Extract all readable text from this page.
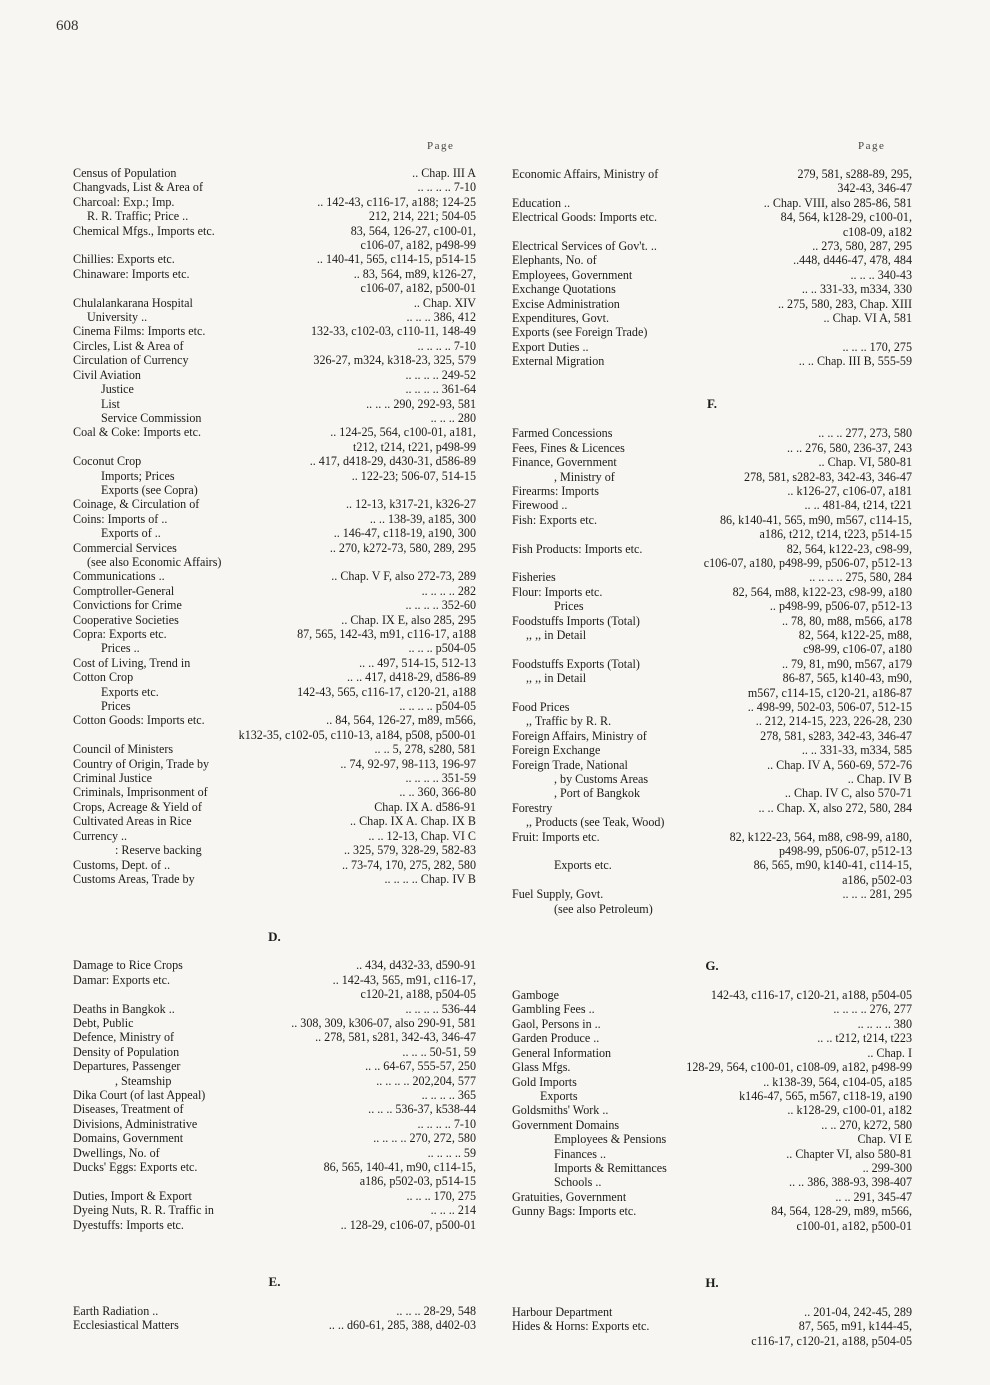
608
Page	Page
Census of Population	.. Chap. III A
Changvads, List & Area of	.. .. .. .. 7-10
Charcoal: Exp.; Imp.	.. 142-43, c116-17, a188; 124-25
R. R. Traffic; Price ..	212, 214, 221; 504-05
Chemical Mfgs., Imports etc.	83, 564, 126-27, c100-01,
c106-07, a182, p498-99
Chillies: Exports etc.	.. 140-41, 565, c114-15, p514-15
Chinaware: Imports etc.	.. 83, 564, m89, k126-27,
c106-07, a182, p500-01
Chulalankarana Hospital	.. Chap. XIV
University ..	.. .. .. 386, 412
Cinema Films: Imports etc.	132-33, c102-03, c110-11, 148-49
Circles, List & Area of	.. .. .. .. 7-10
Circulation of Currency	326-27, m324, k318-23, 325, 579
Civil Aviation	.. .. .. .. 249-52
Justice	.. .. .. .. 361-64
List	.. .. .. 290, 292-93, 581
Service Commission	.. .. .. 280
Coal & Coke: Imports etc.	.. 124-25, 564, c100-01, a181,
t212, t214, t221, p498-99
Coconut Crop	.. 417, d418-29, d430-31, d586-89
Imports; Prices	.. 122-23; 506-07, 514-15
Exports (see Copra)
Coinage, & Circulation of	.. 12-13, k317-21, k326-27
Coins: Imports of ..	.. .. 138-39, a185, 300
Exports of ..	.. 146-47, c118-19, a190, 300
Commercial Services	.. 270, k272-73, 580, 289, 295
(see also Economic Affairs)
Communications ..	.. Chap. V F, also 272-73, 289
Comptroller-General	.. .. .. .. 282
Convictions for Crime	.. .. .. .. 352-60
Cooperative Societies	.. Chap. IX E, also 285, 295
Copra: Exports etc.	87, 565, 142-43, m91, c116-17, a188
Prices ..	.. .. .. p504-05
Cost of Living, Trend in	.. .. 497, 514-15, 512-13
Cotton Crop	.. .. 417, d418-29, d586-89
Exports etc.	142-43, 565, c116-17, c120-21, a188
Prices	.. .. .. .. p504-05
Cotton Goods: Imports etc.	.. 84, 564, 126-27, m89, m566,
k132-35, c102-05, c110-13, a184, p508, p500-01
Council of Ministers	.. .. 5, 278, s280, 581
Country of Origin, Trade by	.. 74, 92-97, 98-113, 196-97
Criminal Justice	.. .. .. .. 351-59
Criminals, Imprisonment of	.. .. 360, 366-80
Crops, Acreage & Yield of	Chap. IX A. d586-91
Cultivated Areas in Rice	.. Chap. IX A. Chap. IX B
Currency ..	.. .. 12-13, Chap. VI C
: Reserve backing	.. 325, 579, 328-29, 582-83
Customs, Dept. of ..	.. 73-74, 170, 275, 282, 580
Customs Areas, Trade by	.. .. .. .. Chap. IV B
D.
Damage to Rice Crops	.. 434, d432-33, d590-91
Damar: Exports etc.	.. 142-43, 565, m91, c116-17,
c120-21, a188, p504-05
Deaths in Bangkok ..	.. .. .. .. 536-44
Debt, Public	.. 308, 309, k306-07, also 290-91, 581
Defence, Ministry of	.. 278, 581, s281, 342-43, 346-47
Density of Population	.. .. .. 50-51, 59
Departures, Passenger	.. .. 64-67, 555-57, 250
, Steamship	.. .. .. .. 202,204, 577
Dika Court (of last Appeal)	.. .. .. .. 365
Diseases, Treatment of	.. .. .. 536-37, k538-44
Divisions, Administrative	.. .. .. .. 7-10
Domains, Government	.. .. .. .. 270, 272, 580
Dwellings, No. of	.. .. .. .. 59
Ducks' Eggs: Exports etc.	86, 565, 140-41, m90, c114-15,
a186, p502-03, p514-15
Duties, Import & Export	.. .. .. 170, 275
Dyeing Nuts, R. R. Traffic in	.. .. .. 214
Dyestuffs: Imports etc.	.. 128-29, c106-07, p500-01
E.
Earth Radiation ..	.. .. .. 28-29, 548
Ecclesiastical Matters	.. .. d60-61, 285, 388, d402-03
Economic Affairs, Ministry of	279, 581, s288-89, 295,
342-43, 346-47
Education ..	.. Chap. VIII, also 285-86, 581
Electrical Goods: Imports etc.	84, 564, k128-29, c100-01,
c108-09, a182
Electrical Services of Gov't. ..	.. 273, 580, 287, 295
Elephants, No. of	..448, d446-47, 478, 484
Employees, Government	.. .. .. 340-43
Exchange Quotations	.. .. 331-33, m334, 330
Excise Administration	.. 275, 580, 283, Chap. XIII
Expenditures, Govt.	.. Chap. VI A, 581
Exports (see Foreign Trade)
Export Duties ..	.. .. .. 170, 275
External Migration	.. .. Chap. III B, 555-59
F.
Farmed Concessions	.. .. .. 277, 273, 580
Fees, Fines & Licences	.. .. 276, 580, 236-37, 243
Finance, Government	.. Chap. VI, 580-81
, Ministry of	278, 581, s282-83, 342-43, 346-47
Firearms: Imports	.. k126-27, c106-07, a181
Firewood ..	.. .. 481-84, t214, t221
Fish: Exports etc.	86, k140-41, 565, m90, m567, c114-15,
a186, t212, t214, t223, p514-15
Fish Products: Imports etc.	82, 564, k122-23, c98-99,
c106-07, a180, p498-99, p506-07, p512-13
Fisheries	.. .. .. .. 275, 580, 284
Flour: Imports etc.	82, 564, m88, k122-23, c98-99, a180
Prices	.. p498-99, p506-07, p512-13
Foodstuffs Imports (Total)	.. 78, 80, m88, m566, a178
,, ,, in Detail	82, 564, k122-25, m88,
c98-99, c106-07, a180
Foodstuffs Exports (Total)	.. 79, 81, m90, m567, a179
,, ,, in Detail	86-87, 565, k140-43, m90,
m567, c114-15, c120-21, a186-87
Food Prices	.. 498-99, 502-03, 506-07, 512-15
,, Traffic by R. R.	.. 212, 214-15, 223, 226-28, 230
Foreign Affairs, Ministry of	278, 581, s283, 342-43, 346-47
Foreign Exchange	.. .. 331-33, m334, 585
Foreign Trade, National	.. Chap. IV A, 560-69, 572-76
, by Customs Areas	.. Chap. IV B
, Port of Bangkok	.. Chap. IV C, also 570-71
Forestry	.. .. Chap. X, also 272, 580, 284
,, Products (see Teak, Wood)
Fruit: Imports etc.	82, k122-23, 564, m88, c98-99, a180,
p498-99, p506-07, p512-13
Exports etc.	86, 565, m90, k140-41, c114-15,
a186, p502-03
Fuel Supply, Govt.	.. .. .. 281, 295
(see also Petroleum)
G.
Gamboge	142-43, c116-17, c120-21, a188, p504-05
Gambling Fees ..	.. .. .. .. 276, 277
Gaol, Persons in ..	.. .. .. .. 380
Garden Produce ..	.. .. t212, t214, t223
General Information	.. Chap. I
Glass Mfgs.	128-29, 564, c100-01, c108-09, a182, p498-99
Gold Imports	.. k138-39, 564, c104-05, a185
Exports	k146-47, 565, m567, c118-19, a190
Goldsmiths' Work ..	.. k128-29, c100-01, a182
Government Domains	.. .. 270, k272, 580
Employees & Pensions	Chap. VI E
Finances ..	.. Chapter VI, also 580-81
Imports & Remittances	.. 299-300
Schools ..	.. .. 386, 388-93, 398-407
Gratuities, Government	.. .. 291, 345-47
Gunny Bags: Imports etc.	84, 564, 128-29, m89, m566,
c100-01, a182, p500-01
H.
Harbour Department	.. 201-04, 242-45, 289
Hides & Horns: Exports etc.	87, 565, m91, k144-45,
c116-17, c120-21, a188, p504-05
